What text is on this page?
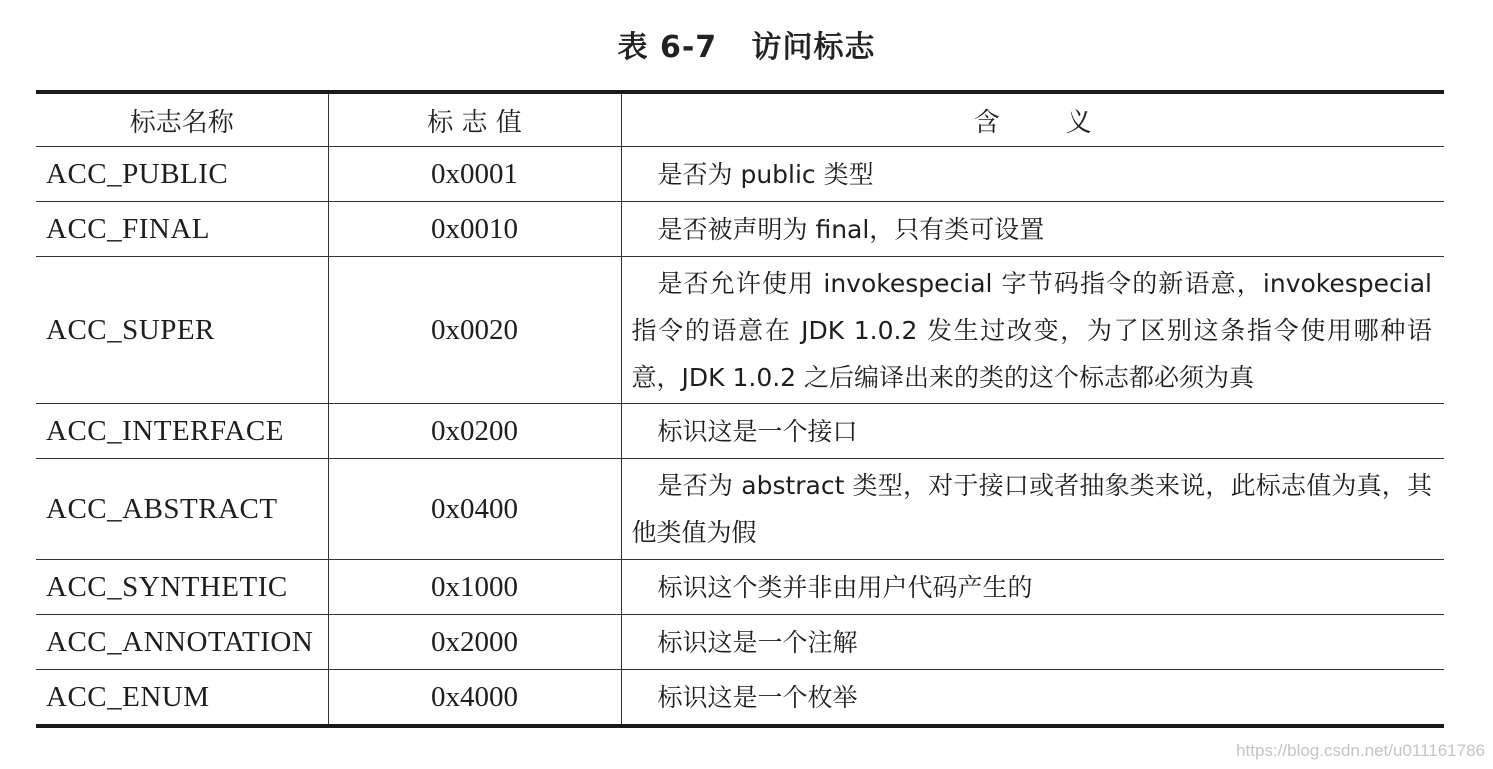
表 6-7   访问标志
标志名称	标 志 值	含        义
ACC_PUBLIC	0x0001	是否为 public 类型
ACC_FINAL	0x0010	是否被声明为 final，只有类可设置
ACC_SUPER	0x0020	是否允许使用 invokespecial 字节码指令的新语意，invokespecial 指令的语意在 JDK 1.0.2 发生过改变，为了区别这条指令使用哪种语意，JDK 1.0.2 之后编译出来的类的这个标志都必须为真
ACC_INTERFACE	0x0200	标识这是一个接口
ACC_ABSTRACT	0x0400	是否为 abstract 类型，对于接口或者抽象类来说，此标志值为真，其他类值为假
ACC_SYNTHETIC	0x1000	标识这个类并非由用户代码产生的
ACC_ANNOTATION	0x2000	标识这是一个注解
ACC_ENUM	0x4000	标识这是一个枚举
https://blog.csdn.net/u011161786
